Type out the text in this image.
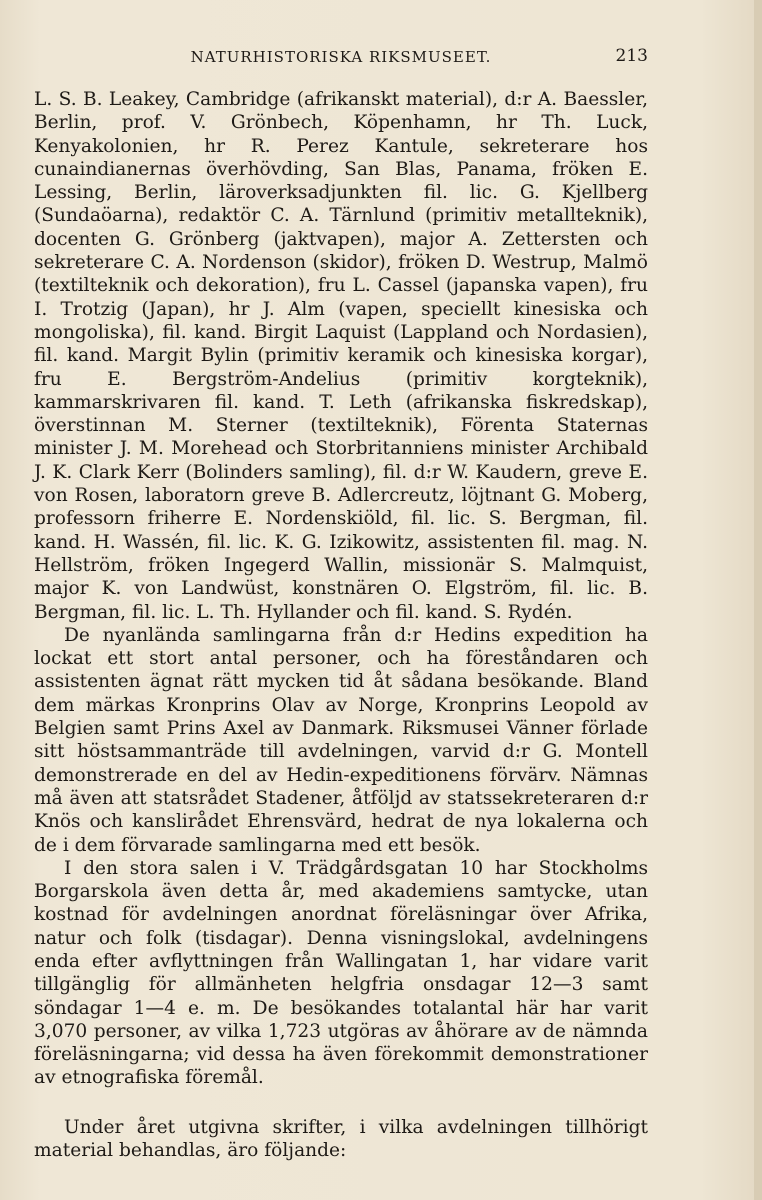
NATURHISTORISKA RIKSMUSEET.	213

L. S. B. Leakey, Cambridge (afrikanskt material), d:r A. Baessler, Berlin, prof. V. Grönbech, Köpenhamn, hr Th. Luck, Kenyakolonien, hr R. Perez Kantule, sekreterare hos cunaindianernas överhövding, San Blas, Panama, fröken E. Lessing, Berlin, läroverksadjunkten fil. lic. G. Kjellberg (Sundaöarna), redaktör C. A. Tärnlund (primitiv metallteknik), docenten G. Grönberg (jaktvapen), major A. Zettersten och sekreterare C. A. Nordenson (skidor), fröken D. Westrup, Malmö (textilteknik och dekoration), fru L. Cassel (japanska vapen), fru I. Trotzig (Japan), hr J. Alm (vapen, speciellt kinesiska och mongoliska), fil. kand. Birgit Laquist (Lappland och Nordasien), fil. kand. Margit Bylin (primitiv keramik och kinesiska korgar), fru E. Bergström-Andelius (primitiv korgteknik), kammarskrivaren fil. kand. T. Leth (afrikanska fiskredskap), överstinnan M. Sterner (textilteknik), Förenta Staternas minister J. M. Morehead och Storbritanniens minister Archibald J. K. Clark Kerr (Bolinders samling), fil. d:r W. Kaudern, greve E. von Rosen, laboratorn greve B. Adlercreutz, löjtnant G. Moberg, professorn friherre E. Nordenskiöld, fil. lic. S. Bergman, fil. kand. H. Wassén, fil. lic. K. G. Izikowitz, assistenten fil. mag. N. Hellström, fröken Ingegerd Wallin, missionär S. Malmquist, major K. von Landwüst, konstnären O. Elgström, fil. lic. B. Bergman, fil. lic. L. Th. Hyllander och fil. kand. S. Rydén.

De nyanlända samlingarna från d:r Hedins expedition ha lockat ett stort antal personer, och ha föreståndaren och assistenten ägnat rätt mycken tid åt sådana besökande. Bland dem märkas Kronprins Olav av Norge, Kronprins Leopold av Belgien samt Prins Axel av Danmark. Riksmusei Vänner förlade sitt höstsammanträde till avdelningen, varvid d:r G. Montell demonstrerade en del av Hedin-expeditionens förvärv. Nämnas må även att statsrådet Stadener, åtföljd av statssekreteraren d:r Knös och kanslirådet Ehrensvärd, hedrat de nya lokalerna och de i dem förvarade samlingarna med ett besök.

I den stora salen i V. Trädgårdsgatan 10 har Stockholms Borgarskola även detta år, med akademiens samtycke, utan kostnad för avdelningen anordnat föreläsningar över Afrika, natur och folk (tisdagar). Denna visningslokal, avdelningens enda efter avflyttningen från Wallingatan 1, har vidare varit tillgänglig för allmänheten helgfria onsdagar 12—3 samt söndagar 1—4 e. m. De besökandes totalantal här har varit 3,070 personer, av vilka 1,723 utgöras av åhörare av de nämnda föreläsningarna; vid dessa ha även förekommit demonstrationer av etnografiska föremål.

Under året utgivna skrifter, i vilka avdelningen tillhörigt material behandlas, äro följande:
